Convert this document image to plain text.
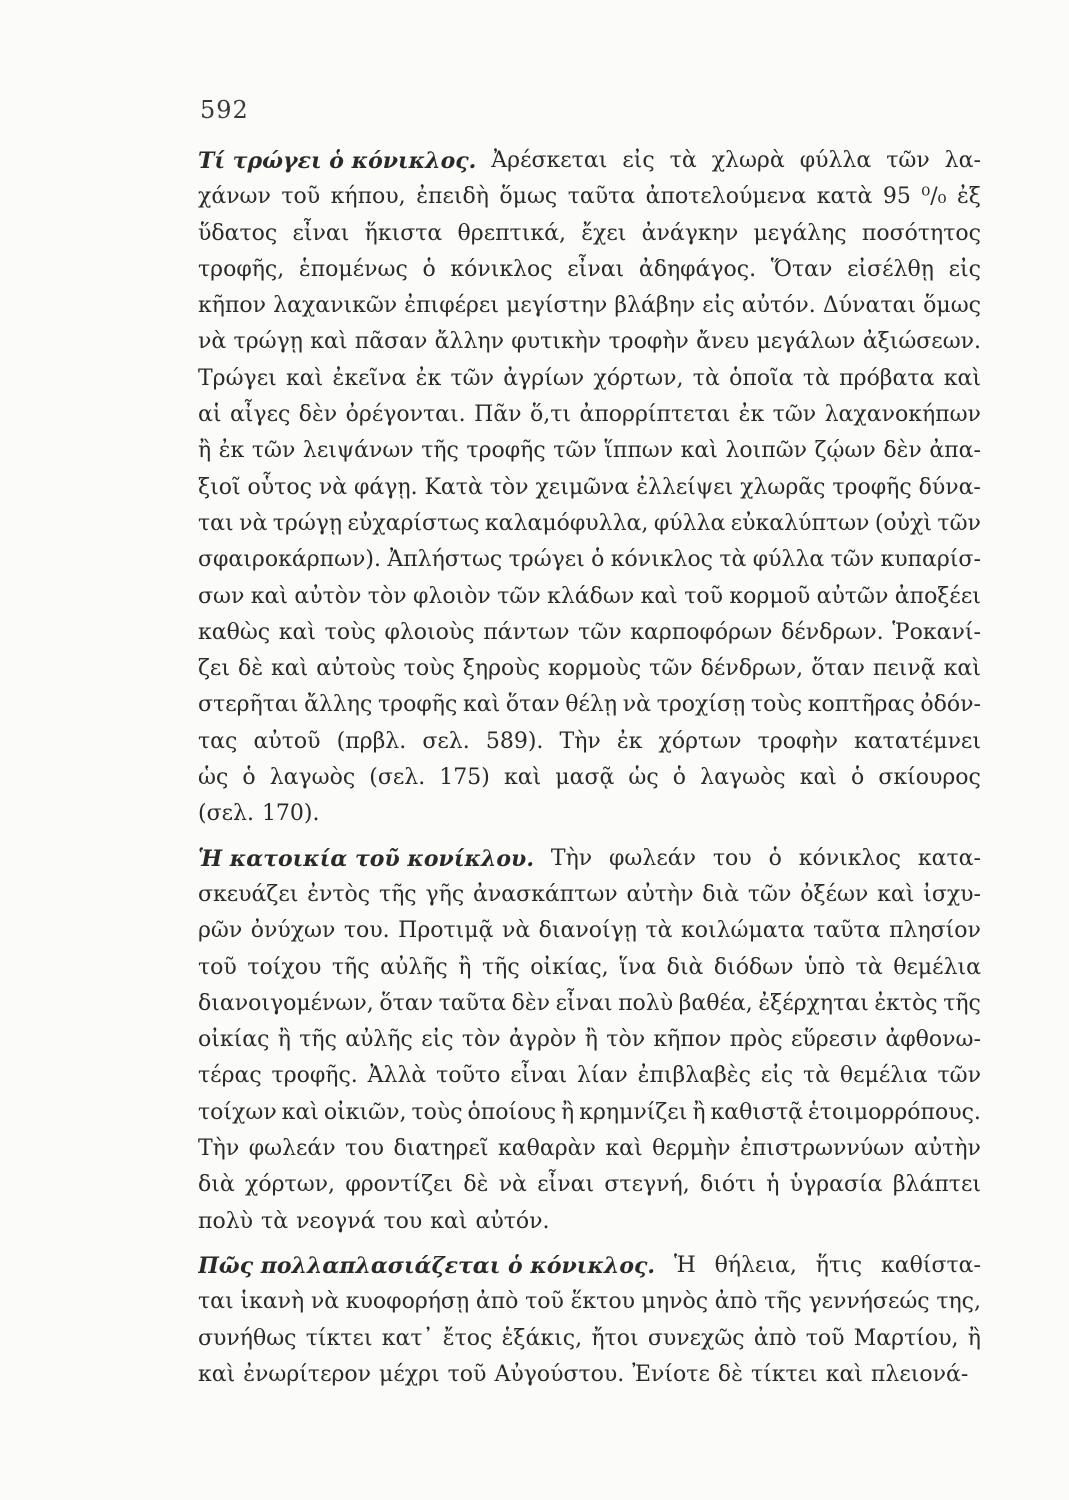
592
Τί τρώγει ὁ κόνικλος. Ἀρέσκεται εἰς τὰ χλωρὰ φύλλα τῶν λα-
χάνων τοῦ κήπου, ἐπειδὴ ὅμως ταῦτα ἀποτελούμενα κατὰ 95 ⁰/₀ ἐξ
ὕδατος εἶναι ἥκιστα θρεπτικά, ἔχει ἀνάγκην μεγάλης ποσότητος
τροφῆς, ἑπομένως ὁ κόνικλος εἶναι ἀδηφάγος. Ὅταν εἰσέλθῃ εἰς
κῆπον λαχανικῶν ἐπιφέρει μεγίστην βλάβην εἰς αὐτόν. Δύναται ὅμως
νὰ τρώγῃ καὶ πᾶσαν ἄλλην φυτικὴν τροφὴν ἄνευ μεγάλων ἀξιώσεων.
Τρώγει καὶ ἐκεῖνα ἐκ τῶν ἀγρίων χόρτων, τὰ ὁποῖα τὰ πρόβατα καὶ
αἱ αἶγες δὲν ὀρέγονται. Πᾶν ὅ,τι ἀπορρίπτεται ἐκ τῶν λαχανοκήπων
ἢ ἐκ τῶν λειψάνων τῆς τροφῆς τῶν ἵππων καὶ λοιπῶν ζῴων δὲν ἀπα-
ξιοῖ οὗτος νὰ φάγῃ. Κατὰ τὸν χειμῶνα ἐλλείψει χλωρᾶς τροφῆς δύνα-
ται νὰ τρώγῃ εὐχαρίστως καλαμόφυλλα, φύλλα εὐκαλύπτων (οὐχὶ τῶν
σφαιροκάρπων). Ἀπλήστως τρώγει ὁ κόνικλος τὰ φύλλα τῶν κυπαρίσ-
σων καὶ αὐτὸν τὸν φλοιὸν τῶν κλάδων καὶ τοῦ κορμοῦ αὐτῶν ἀποξέει
καθὼς καὶ τοὺς φλοιοὺς πάντων τῶν καρποφόρων δένδρων. Ῥοκανί-
ζει δὲ καὶ αὐτοὺς τοὺς ξηροὺς κορμοὺς τῶν δένδρων, ὅταν πεινᾷ καὶ
στερῆται ἄλλης τροφῆς καὶ ὅταν θέλῃ νὰ τροχίσῃ τοὺς κοπτῆρας ὀδόν-
τας αὐτοῦ (πρβλ. σελ. 589). Τὴν ἐκ χόρτων τροφὴν κατατέμνει
ὡς ὁ λαγωὸς (σελ. 175) καὶ μασᾷ ὡς ὁ λαγωὸς καὶ ὁ σκίουρος
(σελ. 170).
Ἡ κατοικία τοῦ κονίκλου. Τὴν φωλεάν του ὁ κόνικλος κατα-
σκευάζει ἐντὸς τῆς γῆς ἀνασκάπτων αὐτὴν διὰ τῶν ὀξέων καὶ ἰσχυ-
ρῶν ὀνύχων του. Προτιμᾷ νὰ διανοίγῃ τὰ κοιλώματα ταῦτα πλησίον
τοῦ τοίχου τῆς αὐλῆς ἢ τῆς οἰκίας, ἵνα διὰ διόδων ὑπὸ τὰ θεμέλια
διανοιγομένων, ὅταν ταῦτα δὲν εἶναι πολὺ βαθέα, ἐξέρχηται ἐκτὸς τῆς
οἰκίας ἢ τῆς αὐλῆς εἰς τὸν ἀγρὸν ἢ τὸν κῆπον πρὸς εὕρεσιν ἀφθονω-
τέρας τροφῆς. Ἀλλὰ τοῦτο εἶναι λίαν ἐπιβλαβὲς εἰς τὰ θεμέλια τῶν
τοίχων καὶ οἰκιῶν, τοὺς ὁποίους ἢ κρημνίζει ἢ καθιστᾷ ἑτοιμορρόπους.
Τὴν φωλεάν του διατηρεῖ καθαρὰν καὶ θερμὴν ἐπιστρωννύων αὐτὴν
διὰ χόρτων, φροντίζει δὲ νὰ εἶναι στεγνή, διότι ἡ ὑγρασία βλάπτει
πολὺ τὰ νεογνά του καὶ αὐτόν.
Πῶς πολλαπλασιάζεται ὁ κόνικλος. Ἡ θήλεια, ἥτις καθίστα-
ται ἱκανὴ νὰ κυοφορήσῃ ἀπὸ τοῦ ἕκτου μηνὸς ἀπὸ τῆς γεννήσεώς της,
συνήθως τίκτει κατ᾽ ἔτος ἑξάκις, ἤτοι συνεχῶς ἀπὸ τοῦ Μαρτίου, ἢ
καὶ ἐνωρίτερον μέχρι τοῦ Αὐγούστου. Ἐνίοτε δὲ τίκτει καὶ πλειονά-
